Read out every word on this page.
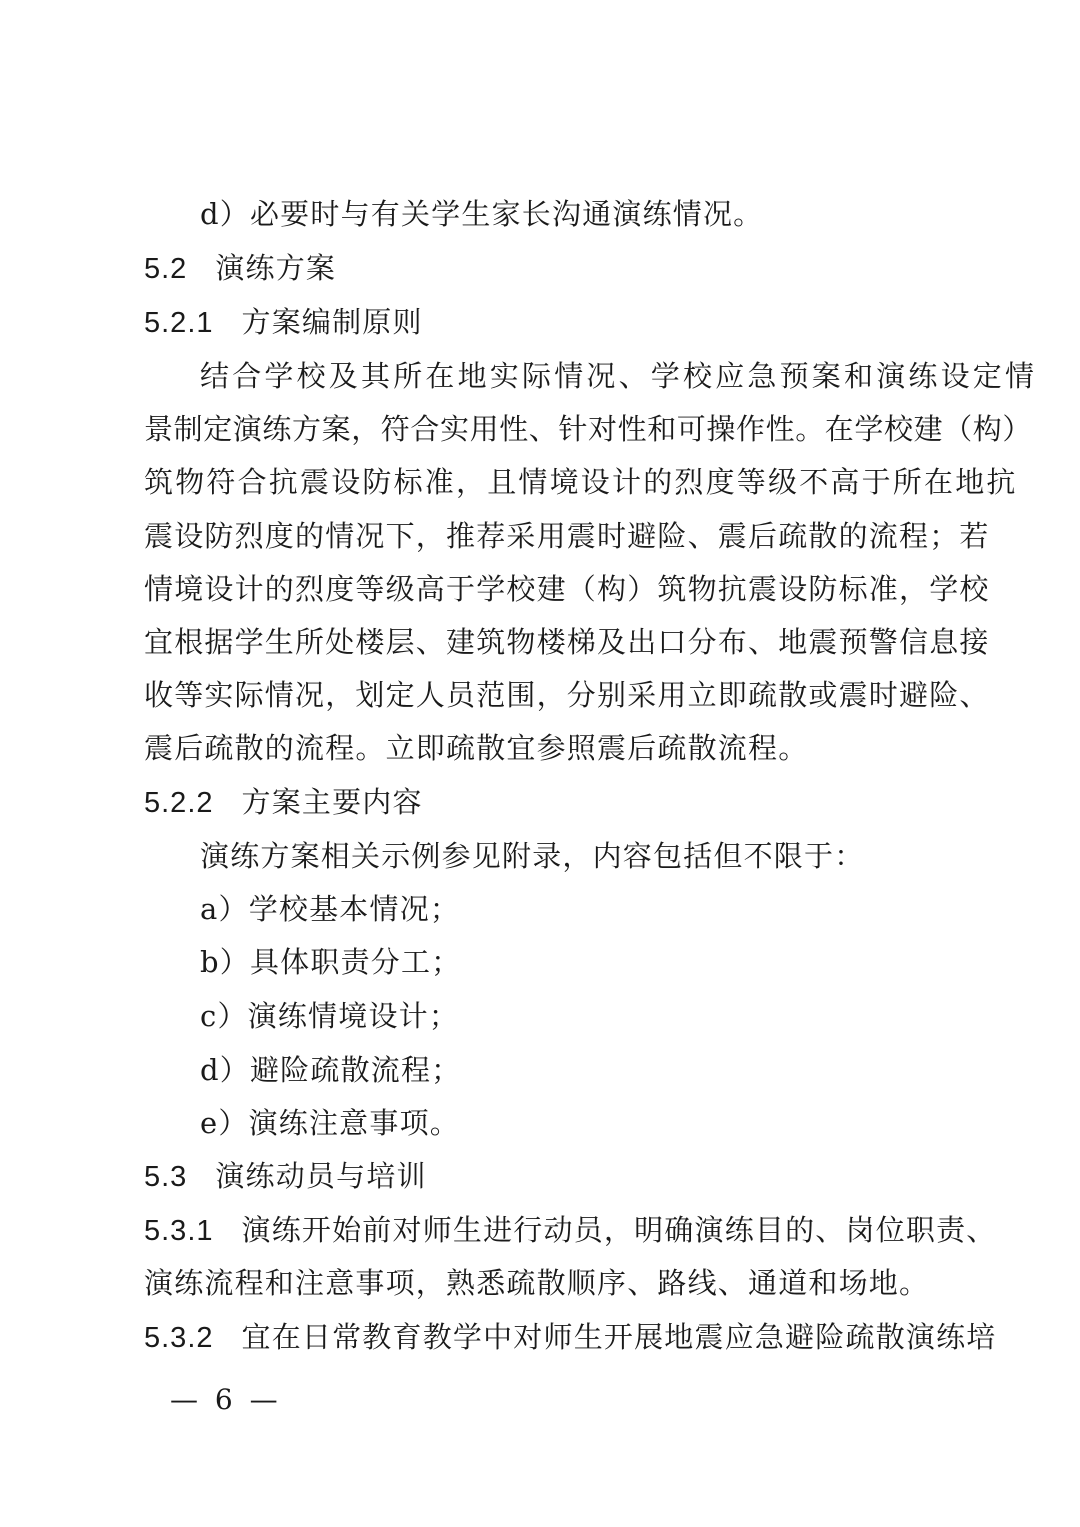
d）必要时与有关学生家长沟通演练情况。
5.2 演练方案
5.2.1 方案编制原则
结合学校及其所在地实际情况、学校应急预案和演练设定情
景制定演练方案，符合实用性、针对性和可操作性。在学校建（构）
筑物符合抗震设防标准，且情境设计的烈度等级不高于所在地抗
震设防烈度的情况下，推荐采用震时避险、震后疏散的流程；若
情境设计的烈度等级高于学校建（构）筑物抗震设防标准，学校
宜根据学生所处楼层、建筑物楼梯及出口分布、地震预警信息接
收等实际情况，划定人员范围，分别采用立即疏散或震时避险、
震后疏散的流程。立即疏散宜参照震后疏散流程。
5.2.2 方案主要内容
演练方案相关示例参见附录，内容包括但不限于：
a）学校基本情况；
b）具体职责分工；
c）演练情境设计；
d）避险疏散流程；
e）演练注意事项。
5.3 演练动员与培训
5.3.1 演练开始前对师生进行动员，明确演练目的、岗位职责、
演练流程和注意事项，熟悉疏散顺序、路线、通道和场地。
5.3.2 宜在日常教育教学中对师生开展地震应急避险疏散演练培
— 6 —
